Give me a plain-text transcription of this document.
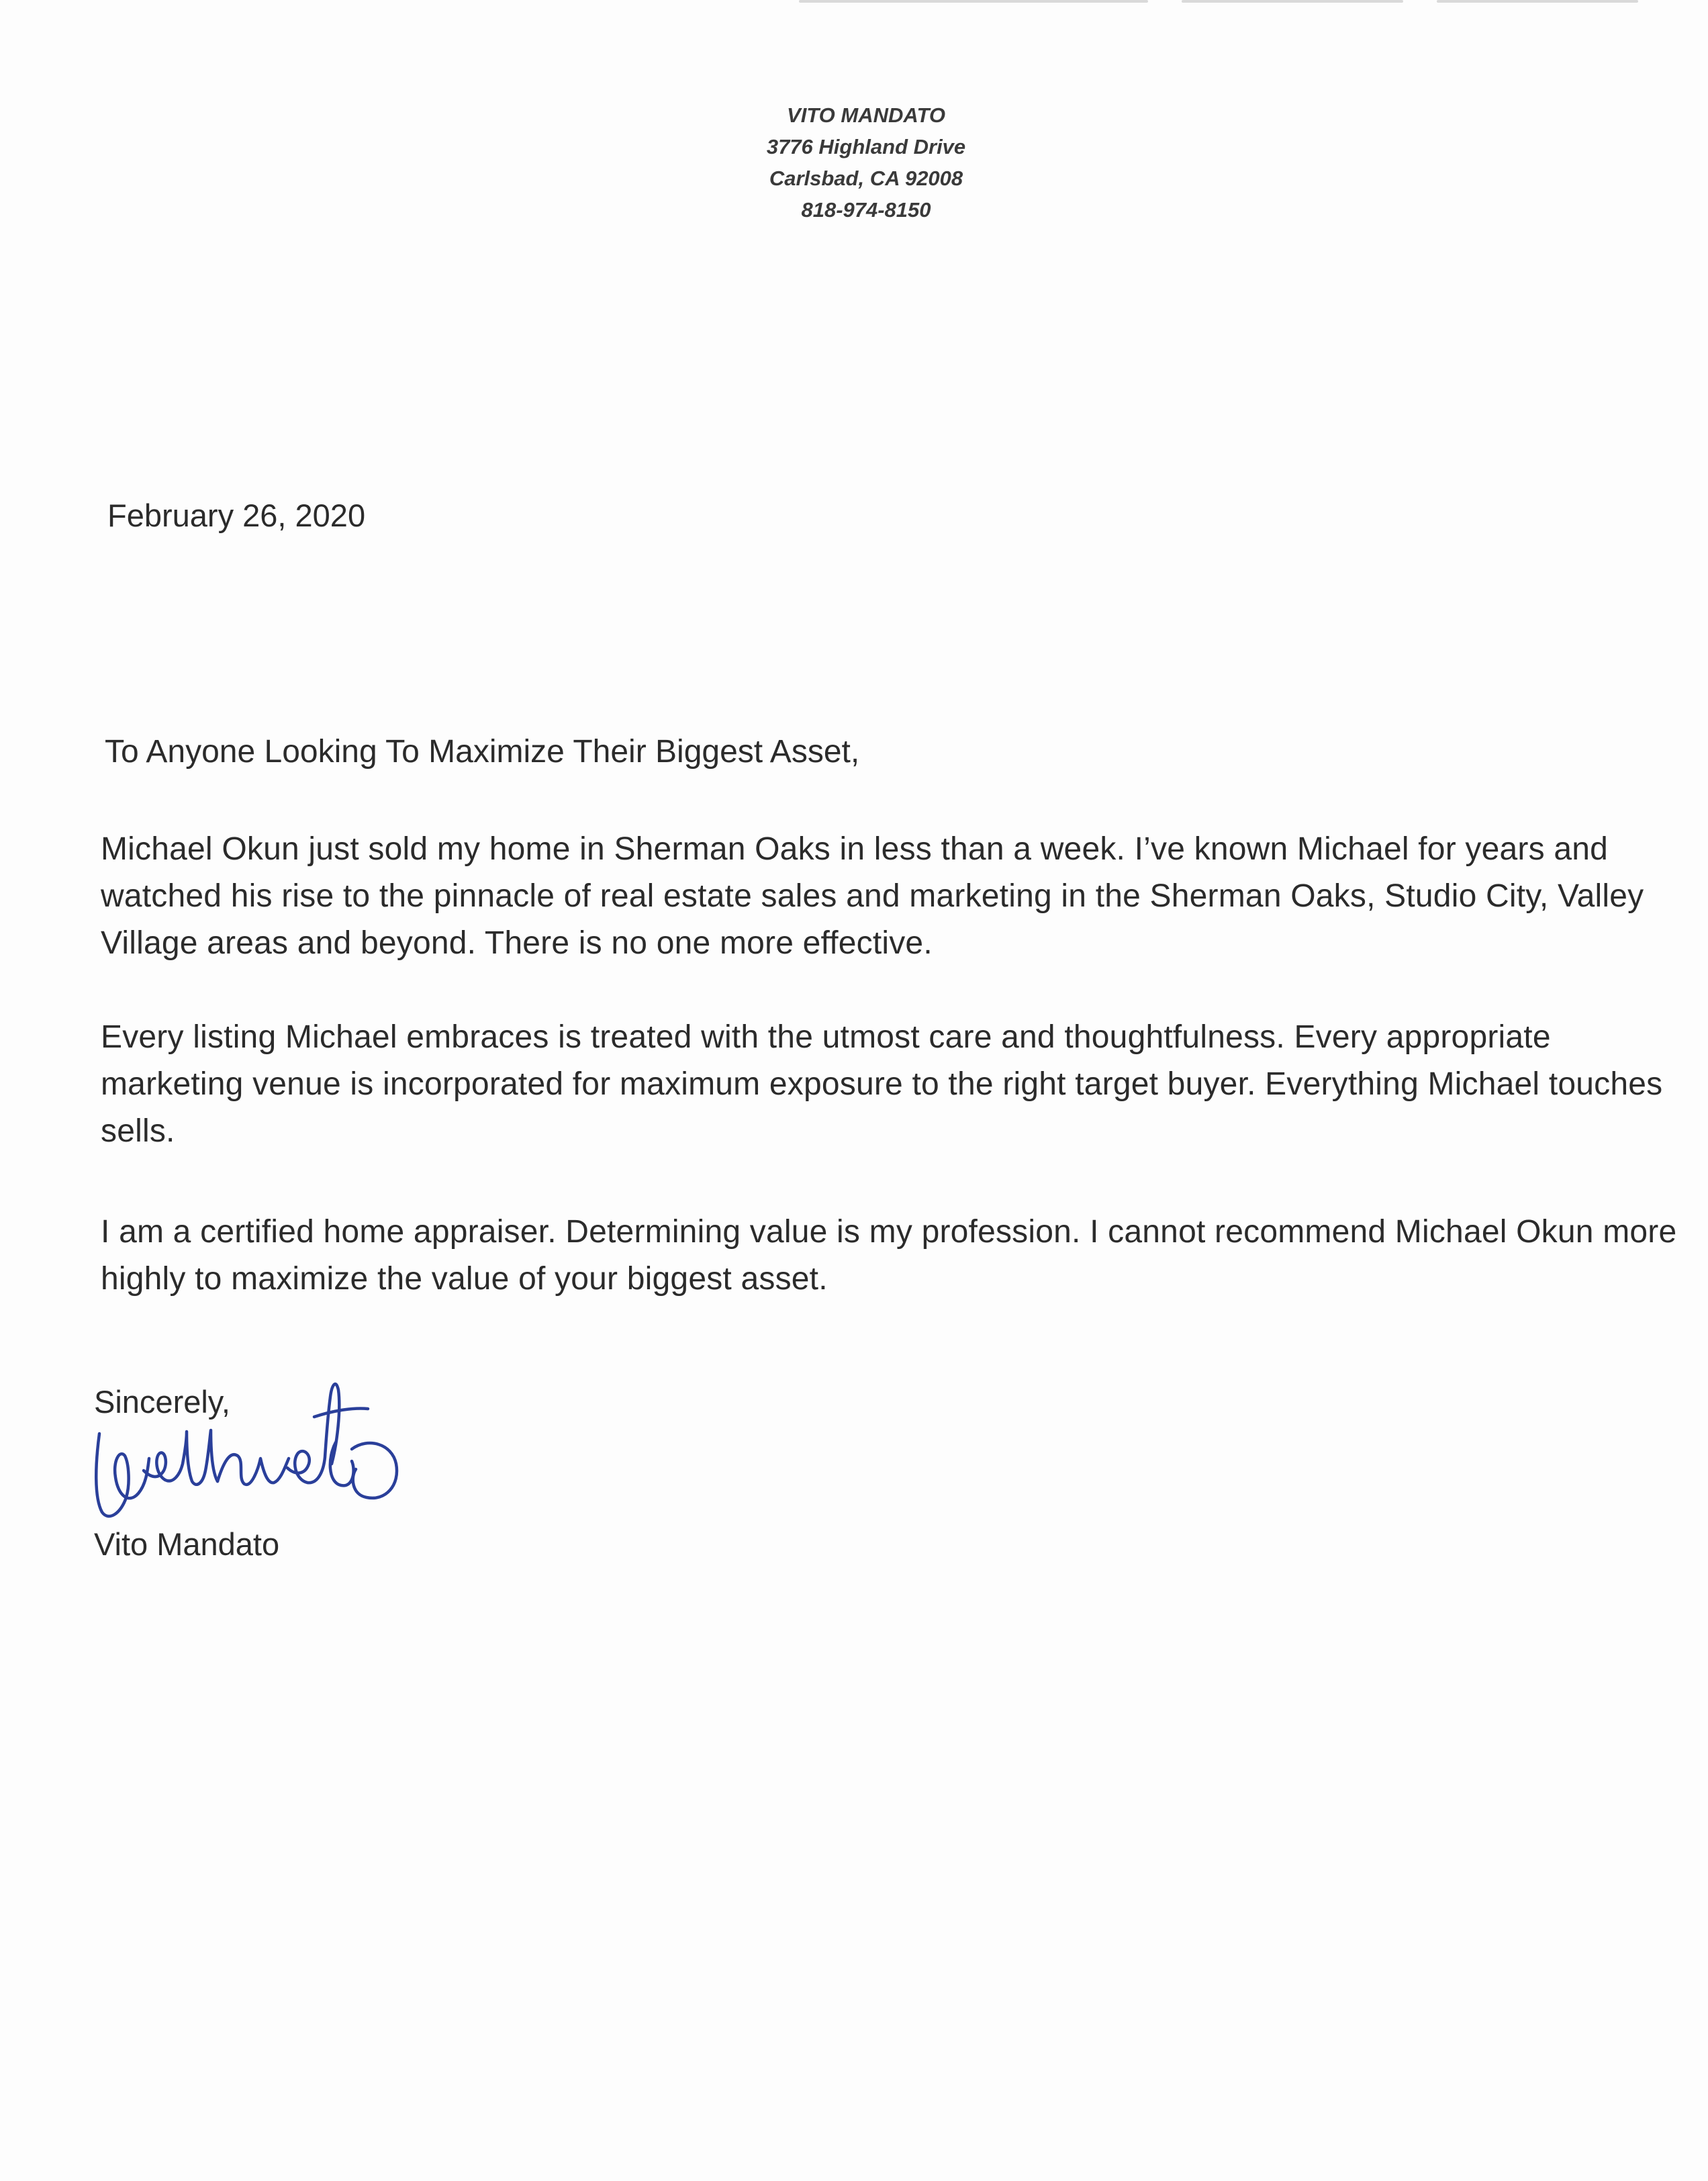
VITO MANDATO
3776 Highland Drive
Carlsbad, CA 92008
818-974-8150
February 26, 2020
To Anyone Looking To Maximize Their Biggest Asset,
Michael Okun just sold my home in Sherman Oaks in less than a week. I’ve known Michael for years and
watched his rise to the pinnacle of real estate sales and marketing in the Sherman Oaks, Studio City, Valley
Village areas and beyond. There is no one more effective.
Every listing Michael embraces is treated with the utmost care and thoughtfulness. Every appropriate
marketing venue is incorporated for maximum exposure to the right target buyer. Everything Michael touches
sells.
I am a certified home appraiser. Determining value is my profession. I cannot recommend Michael Okun more
highly to maximize the value of your biggest asset.
Sincerely,
Vito Mandato
